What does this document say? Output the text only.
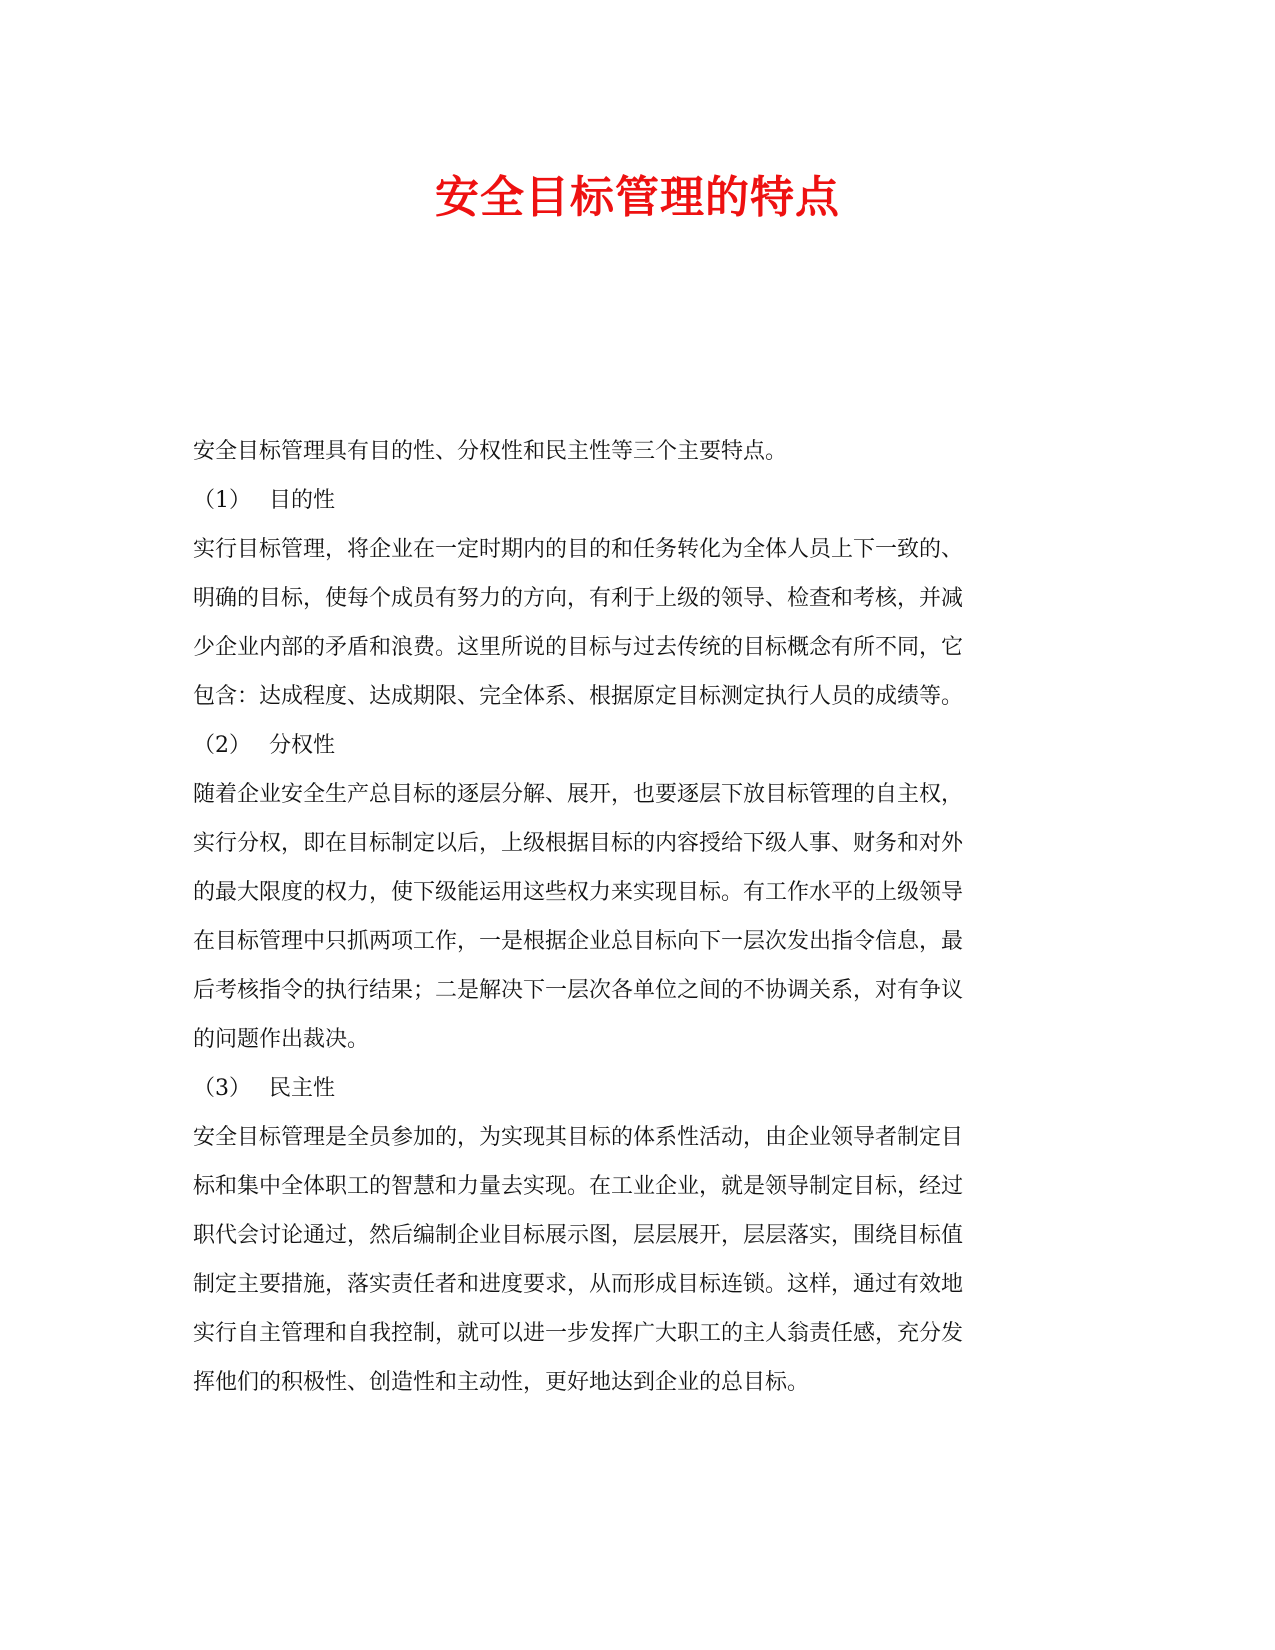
安全目标管理的特点
安全目标管理具有目的性、分权性和民主性等三个主要特点。
（1） 目的性
实行目标管理，将企业在一定时期内的目的和任务转化为全体人员上下一致的、
明确的目标，使每个成员有努力的方向，有利于上级的领导、检查和考核，并减
少企业内部的矛盾和浪费。这里所说的目标与过去传统的目标概念有所不同，它
包含：达成程度、达成期限、完全体系、根据原定目标测定执行人员的成绩等。
（2） 分权性
随着企业安全生产总目标的逐层分解、展开，也要逐层下放目标管理的自主权，
实行分权，即在目标制定以后，上级根据目标的内容授给下级人事、财务和对外
的最大限度的权力，使下级能运用这些权力来实现目标。有工作水平的上级领导
在目标管理中只抓两项工作，一是根据企业总目标向下一层次发出指令信息，最
后考核指令的执行结果；二是解决下一层次各单位之间的不协调关系，对有争议
的问题作出裁决。
（3） 民主性
安全目标管理是全员参加的，为实现其目标的体系性活动，由企业领导者制定目
标和集中全体职工的智慧和力量去实现。在工业企业，就是领导制定目标，经过
职代会讨论通过，然后编制企业目标展示图，层层展开，层层落实，围绕目标值
制定主要措施，落实责任者和进度要求，从而形成目标连锁。这样，通过有效地
实行自主管理和自我控制，就可以进一步发挥广大职工的主人翁责任感，充分发
挥他们的积极性、创造性和主动性，更好地达到企业的总目标。
